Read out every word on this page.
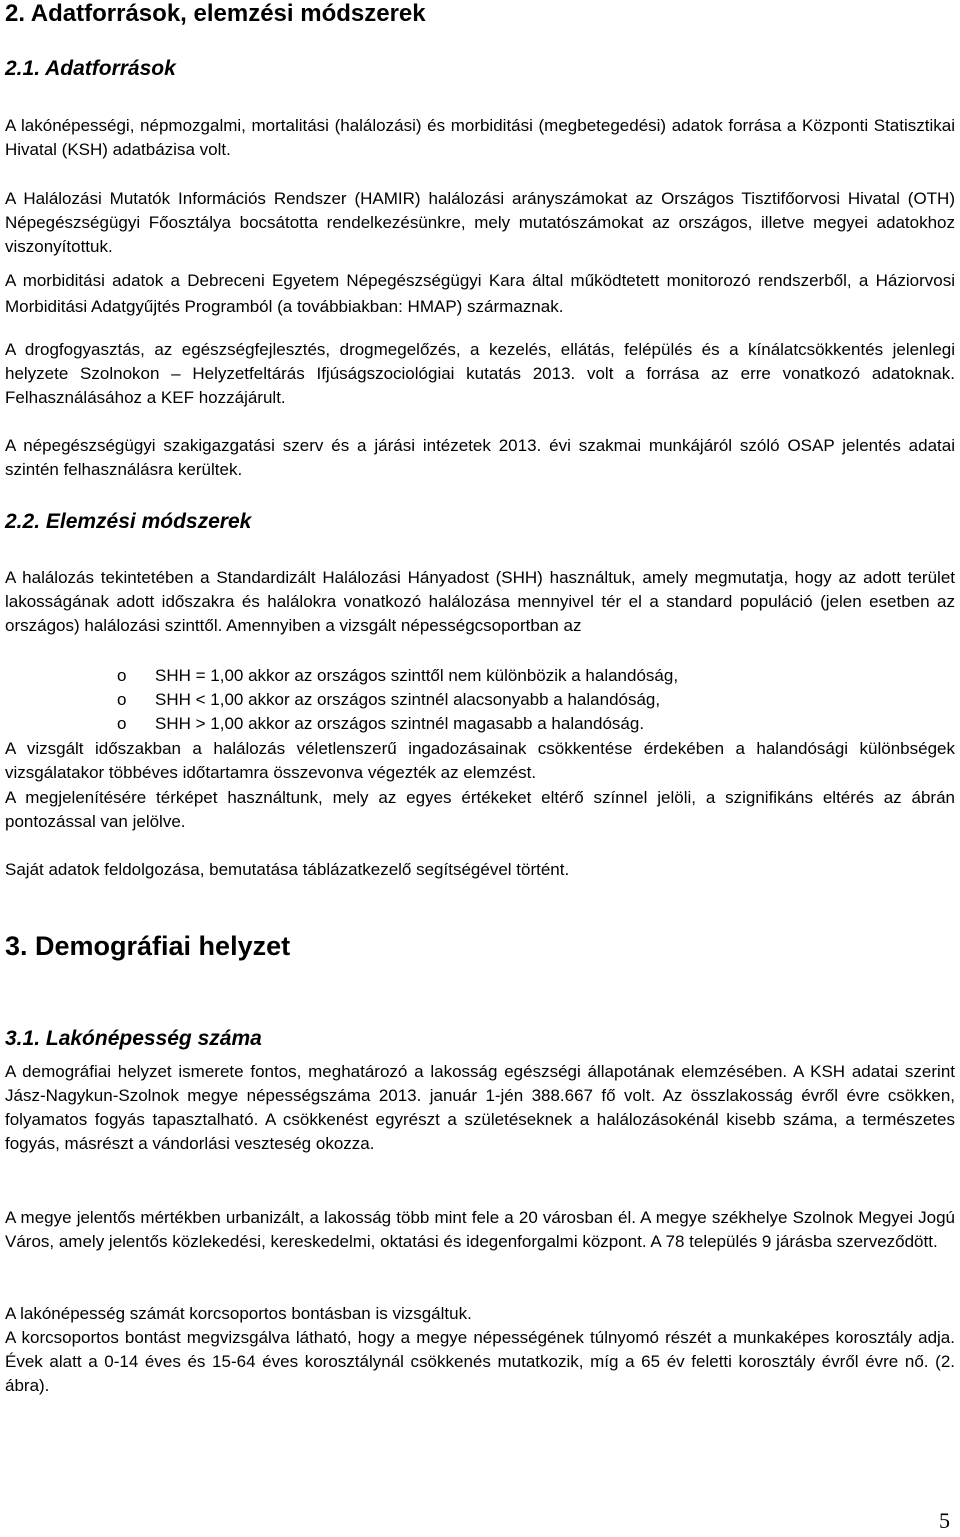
2. Adatforrások, elemzési módszerek
2.1. Adatforrások

A lakónépességi, népmozgalmi, mortalitási (halálozási) és morbiditási (megbetegedési) adatok forrása a Központi Statisztikai Hivatal (KSH) adatbázisa volt.

A Halálozási Mutatók Információs Rendszer (HAMIR) halálozási arányszámokat az Országos Tisztifőorvosi Hivatal (OTH) Népegészségügyi Főosztálya bocsátotta rendelkezésünkre, mely mutatószámokat az országos, illetve megyei adatokhoz viszonyítottuk.

A morbiditási adatok a Debreceni Egyetem Népegészségügyi Kara által működtetett monitorozó rendszerből, a Háziorvosi Morbiditási Adatgyűjtés Programból (a továbbiakban: HMAP) származnak.

A drogfogyasztás, az egészségfejlesztés, drogmegelőzés, a kezelés, ellátás, felépülés és a kínálatcsökkentés jelenlegi helyzete Szolnokon – Helyzetfeltárás Ifjúságszociológiai kutatás 2013. volt a forrása az erre vonatkozó adatoknak. Felhasználásához a KEF hozzájárult.

A népegészségügyi szakigazgatási szerv és a járási intézetek 2013. évi szakmai munkájáról szóló OSAP jelentés adatai szintén felhasználásra kerültek.

2.2. Elemzési módszerek

A halálozás tekintetében a Standardizált Halálozási Hányadost (SHH) használtuk, amely megmutatja, hogy az adott terület lakosságának adott időszakra és halálokra vonatkozó halálozása mennyivel tér el a standard populáció (jelen esetben az országos) halálozási szinttől. Amennyiben a vizsgált népességcsoportban az

o SHH = 1,00 akkor az országos szinttől nem különbözik a halandóság,
o SHH < 1,00 akkor az országos szintnél alacsonyabb a halandóság,
o SHH > 1,00 akkor az országos szintnél magasabb a halandóság.

A vizsgált időszakban a halálozás véletlenszerű ingadozásainak csökkentése érdekében a halandósági különbségek vizsgálatakor többéves időtartamra összevonva végezték az elemzést.

A megjelenítésére térképet használtunk, mely az egyes értékeket eltérő színnel jelöli, a szignifikáns eltérés az ábrán pontozással van jelölve.

Saját adatok feldolgozása, bemutatása táblázatkezelő segítségével történt.

3. Demográfiai helyzet
3.1. Lakónépesség száma

A demográfiai helyzet ismerete fontos, meghatározó a lakosság egészségi állapotának elemzésében. A KSH adatai szerint Jász-Nagykun-Szolnok megye népességszáma 2013. január 1-jén 388.667 fő volt. Az összlakosság évről évre csökken, folyamatos fogyás tapasztalható. A csökkenést egyrészt a születéseknek a halálozásokénál kisebb száma, a természetes fogyás, másrészt a vándorlási veszteség okozza.

A megye jelentős mértékben urbanizált, a lakosság több mint fele a 20 városban él. A megye székhelye Szolnok Megyei Jogú Város, amely jelentős közlekedési, kereskedelmi, oktatási és idegenforgalmi központ. A 78 település 9 járásba szerveződött.

A lakónépesség számát korcsoportos bontásban is vizsgáltuk.

A korcsoportos bontást megvizsgálva látható, hogy a megye népességének túlnyomó részét a munkaképes korosztály adja. Évek alatt a 0-14 éves és 15-64 éves korosztálynál csökkenés mutatkozik, míg a 65 év feletti korosztály évről évre nő. (2. ábra).

5
